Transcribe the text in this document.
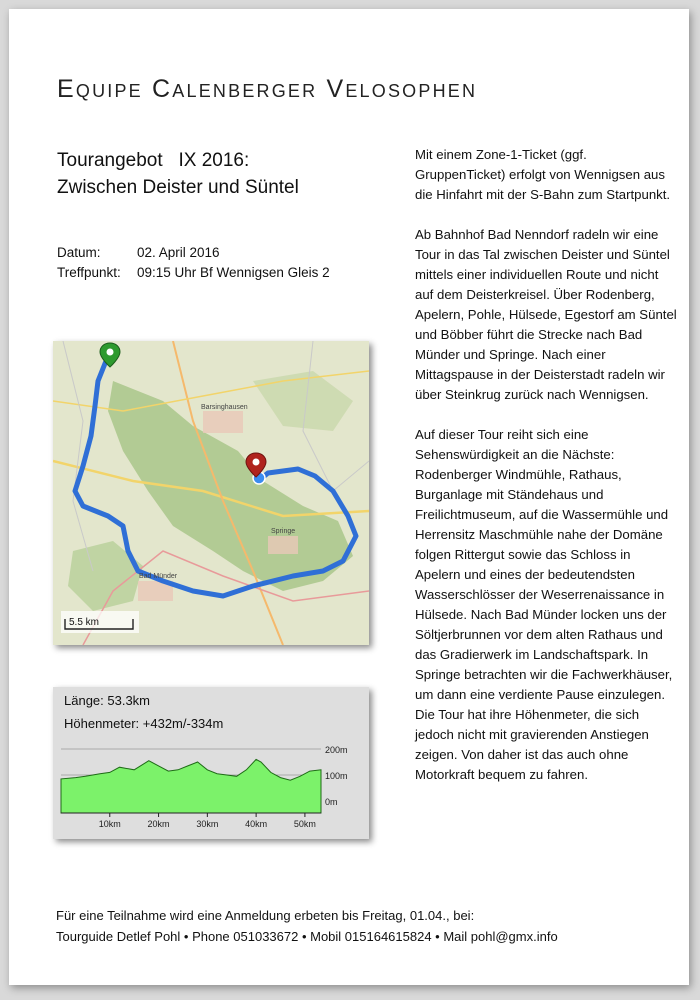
Equipe Calenberger Velosophen
Tourangebot   IX 2016:
Zwischen Deister und Süntel
Datum:	02. April 2016
Treffpunkt:	09:15 Uhr Bf Wennigsen Gleis 2

Mit einem Zone-1-Ticket (ggf. GruppenTicket) erfolgt von Wennigsen aus die Hinfahrt mit der S-Bahn zum Startpunkt.

Ab Bahnhof Bad Nenndorf radeln wir eine Tour in das Tal zwischen Deister und Süntel mittels einer individuellen Route und nicht auf dem Deisterkreisel. Über Rodenberg, Apelern, Pohle, Hülsede, Egestorf am Süntel und Böbber führt die Strecke nach Bad Münder und Springe. Nach einer Mittagspause in der Deisterstadt radeln wir über Steinkrug zurück nach Wennigsen.

Auf dieser Tour reiht sich eine Sehenswürdigkeit an die Nächste: Rodenberger Windmühle, Rathaus, Burganlage mit Ständehaus und Freilichtmuseum, auf die Wassermühle und Herrensitz Maschmühle nahe der Domäne folgen Rittergut sowie das Schloss in Apelern und eines der bedeutendsten Wasserschlösser der Weserrenaissance in Hülsede. Nach Bad Münder locken uns der Söltjerbrunnen vor dem alten Rathaus und das Gradierwerk im Landschaftspark. In Springe betrachten wir die Fachwerkhäuser, um dann eine verdiente Pause einzulegen. Die Tour hat ihre Höhenmeter, die sich jedoch nicht mit gravierenden Anstiegen zeigen. Von daher ist das auch ohne Motorkraft bequem zu fahren.

Barsinghausen
Springe
Bad Münder
5.5 km
Länge: 53.3km
Höhenmeter: +432m/-334m
200m
100m
0m
10km	20km	30km	40km	50km
Für eine Teilnahme wird eine Anmeldung erbeten bis Freitag, 01.04., bei:
Tourguide Detlef Pohl • Phone 051033672 • Mobil 015164615824 • Mail pohl@gmx.info
